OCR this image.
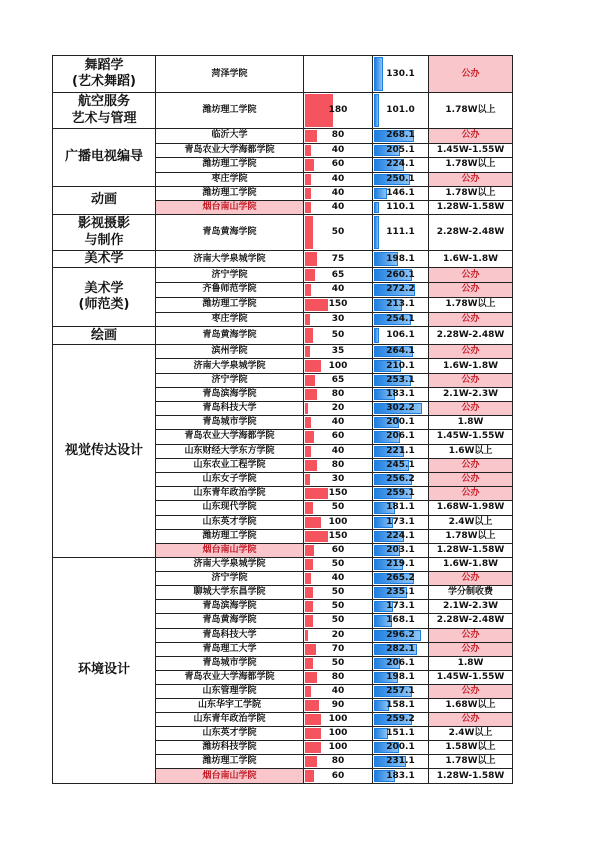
舞蹈学
(艺术舞蹈)	菏泽学院		130.1	公办
航空服务
艺术与管理	潍坊理工学院	180	101.0	1.78W以上
广播电视编导	临沂大学	80	268.1	公办
	青岛农业大学海都学院	40	205.1	1.45W-1.55W
	潍坊理工学院	60	224.1	1.78W以上
	枣庄学院	40	250.1	公办
动画	潍坊理工学院	40	146.1	1.78W以上
	烟台南山学院	40	110.1	1.28W-1.58W
影视摄影
与制作	青岛黄海学院	50	111.1	2.28W-2.48W
美术学	济南大学泉城学院	75	198.1	1.6W-1.8W
美术学
(师范类)	济宁学院	65	260.1	公办
	齐鲁师范学院	40	272.2	公办
	潍坊理工学院	150	213.1	1.78W以上
	枣庄学院	30	254.1	公办
绘画	青岛黄海学院	50	106.1	2.28W-2.48W
视觉传达设计	滨州学院	35	264.1	公办
	济南大学泉城学院	100	210.1	1.6W-1.8W
	济宁学院	65	253.1	公办
	青岛滨海学院	80	183.1	2.1W-2.3W
	青岛科技大学	20	302.2	公办
	青岛城市学院	40	200.1	1.8W
	青岛农业大学海都学院	60	206.1	1.45W-1.55W
	山东财经大学东方学院	40	221.1	1.6W以上
	山东农业工程学院	80	245.1	公办
	山东女子学院	30	256.2	公办
	山东青年政治学院	150	259.1	公办
	山东现代学院	50	181.1	1.68W-1.98W
	山东英才学院	100	173.1	2.4W以上
	潍坊理工学院	150	224.1	1.78W以上
	烟台南山学院	60	203.1	1.28W-1.58W
环境设计	济南大学泉城学院	50	219.1	1.6W-1.8W
	济宁学院	40	265.2	公办
	聊城大学东昌学院	50	235.1	学分制收费
	青岛滨海学院	50	173.1	2.1W-2.3W
	青岛黄海学院	50	168.1	2.28W-2.48W
	青岛科技大学	20	296.2	公办
	青岛理工大学	70	282.1	公办
	青岛城市学院	50	206.1	1.8W
	青岛农业大学海都学院	80	198.1	1.45W-1.55W
	山东管理学院	40	257.1	公办
	山东华宇工学院	90	158.1	1.68W以上
	山东青年政治学院	100	259.2	公办
	山东英才学院	100	151.1	2.4W以上
	潍坊科技学院	100	200.1	1.58W以上
	潍坊理工学院	80	231.1	1.78W以上
	烟台南山学院	60	183.1	1.28W-1.58W
